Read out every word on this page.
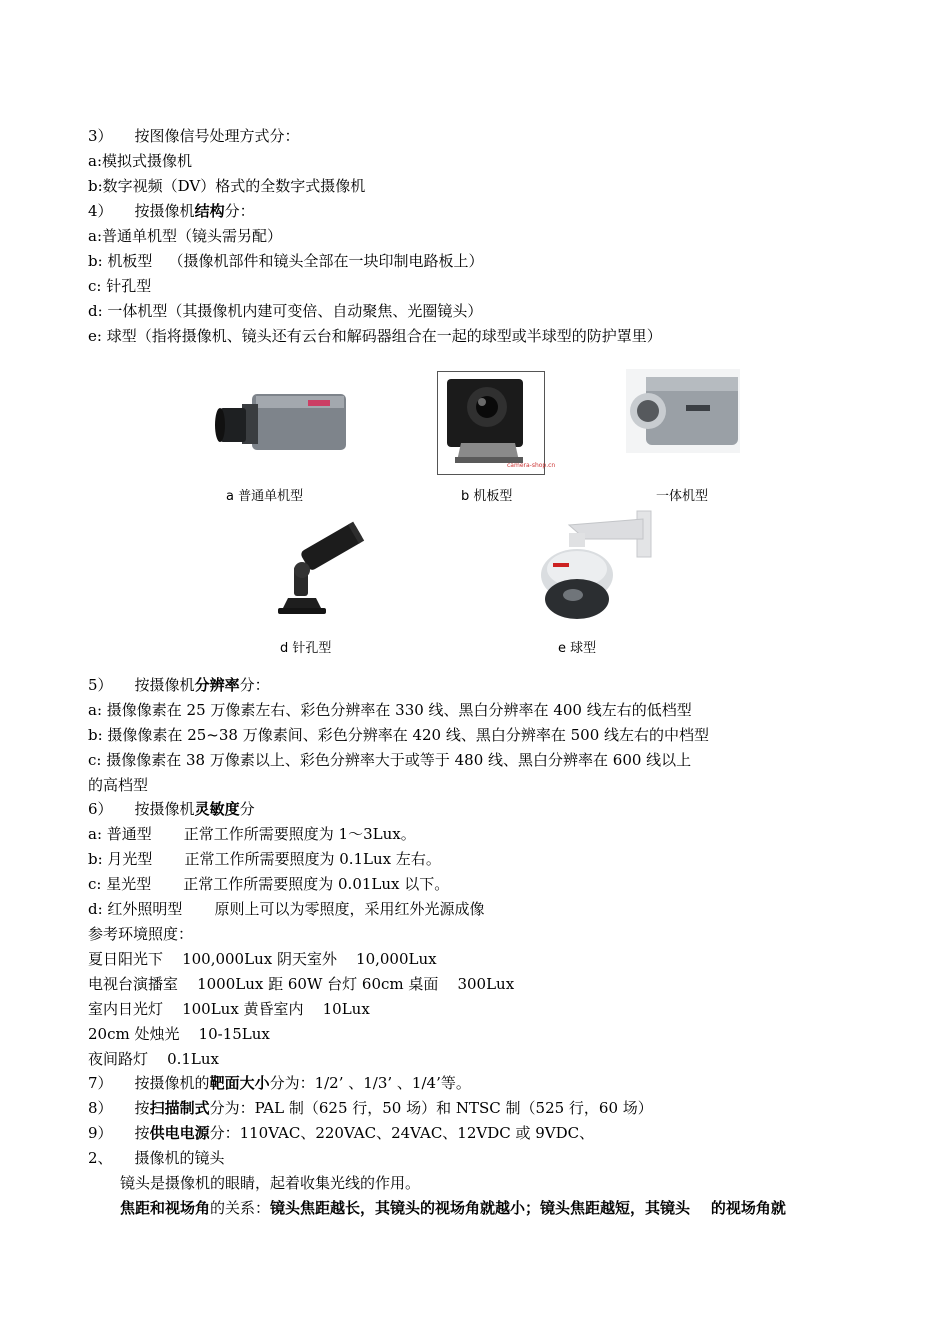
3） 按图像信号处理方式分：
a:模拟式摄像机
b:数字视频（DV）格式的全数字式摄像机
4） 按摄像机结构分：
a:普通单机型（镜头需另配）
b: 机板型 （摄像机部件和镜头全部在一块印制电路板上）
c: 针孔型
d: 一体机型（其摄像机内建可变倍、自动聚焦、光圈镜头）
e: 球型（指将摄像机、镜头还有云台和解码器组合在一起的球型或半球型的防护罩里）
a 普通单机型
camera-shop.cn
b 机板型	一体机型
d 针孔型	e 球型
5） 按摄像机分辨率分：
a: 摄像像素在 25 万像素左右、彩色分辨率在 330 线、黑白分辨率在 400 线左右的低档型
b: 摄像像素在 25~38 万像素间、彩色分辨率在 420 线、黑白分辨率在 500 线左右的中档型
c: 摄像像素在 38 万像素以上、彩色分辨率大于或等于 480 线、黑白分辨率在 600 线以上
的高档型
6） 按摄像机灵敏度分
a: 普通型 正常工作所需要照度为 1～3Lux。
b: 月光型 正常工作所需要照度为 0.1Lux 左右。
c: 星光型 正常工作所需要照度为 0.01Lux 以下。
d: 红外照明型 原则上可以为零照度，采用红外光源成像
参考环境照度：
夏日阳光下    100,000Lux 阴天室外    10,000Lux
电视台演播室    1000Lux 距 60W 台灯 60cm 桌面    300Lux
室内日光灯    100Lux 黄昏室内    10Lux
20cm 处烛光    10-15Lux
夜间路灯    0.1Lux
7） 按摄像机的靶面大小分为：1/2’ 、1/3’ 、1/4’等。
8） 按扫描制式分为：PAL 制（625 行，50 场）和 NTSC 制（525 行，60 场）
9） 按供电电源分：110VAC、220VAC、24VAC、12VDC 或 9VDC、
2、 摄像机的镜头
镜头是摄像机的眼睛，起着收集光线的作用。
焦距和视场角的关系：镜头焦距越长，其镜头的视场角就越小；镜头焦距越短，其镜头    的视场角就
